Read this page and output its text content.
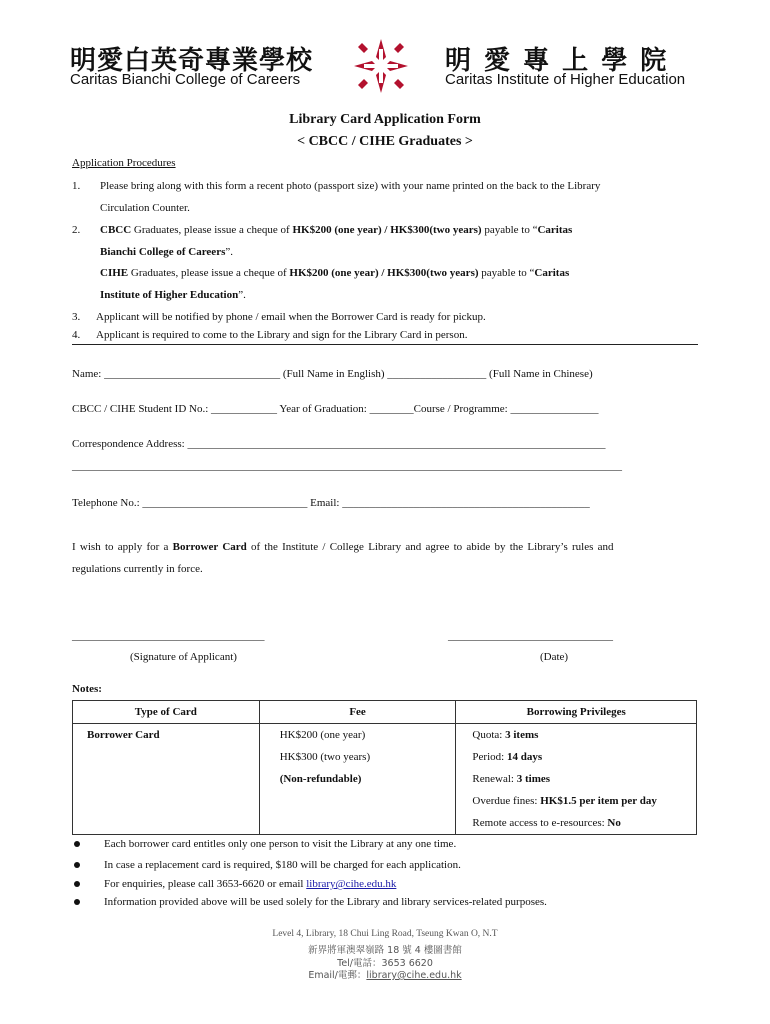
明愛白英奇專業學校
Caritas Bianchi College of Careers
明 愛 專 上 學 院
Caritas Institute of Higher Education
Library Card Application Form
< CBCC / CIHE Graduates >
Application Procedures
1. Please bring along with this form a recent photo (passport size) with your name printed on the back to the Library
Circulation Counter.
2. CBCC Graduates, please issue a cheque of HK$200 (one year) / HK$300(two years) payable to “Caritas
Bianchi College of Careers”.
CIHE Graduates, please issue a cheque of HK$200 (one year) / HK$300(two years) payable to “Caritas
Institute of Higher Education”.
3. Applicant will be notified by phone / email when the Borrower Card is ready for pickup.
4. Applicant is required to come to the Library and sign for the Library Card in person.
Name: ________________________________ (Full Name in English) __________________ (Full Name in Chinese)
CBCC / CIHE Student ID No.: ____________ Year of Graduation: ________Course / Programme: ________________
Correspondence Address: ____________________________________________________________________________
____________________________________________________________________________________________________
Telephone No.: ______________________________ Email: _____________________________________________
I wish to apply for a Borrower Card of the Institute / College Library and agree to abide by the Library’s rules and
regulations currently in force.
___________________________________	______________________________
(Signature of Applicant)	(Date)
Notes:
Type of Card	Fee	Borrowing Privileges
Borrower Card	HK$200 (one year)	Quota: 3 items
	HK$300 (two years)	Period: 14 days
	(Non-refundable)	Renewal: 3 times
		Overdue fines: HK$1.5 per item per day
		Remote access to e-resources: No
Each borrower card entitles only one person to visit the Library at any one time.
In case a replacement card is required, $180 will be charged for each application.
For enquiries, please call 3653-6620 or email library@cihe.edu.hk
Information provided above will be used solely for the Library and library services-related purposes.
Level 4, Library, 18 Chui Ling Road, Tseung Kwan O, N.T
新界將軍澳翠嶺路 18 號 4 樓圖書館
Tel/電話：3653 6620
Email/電郵：library@cihe.edu.hk
